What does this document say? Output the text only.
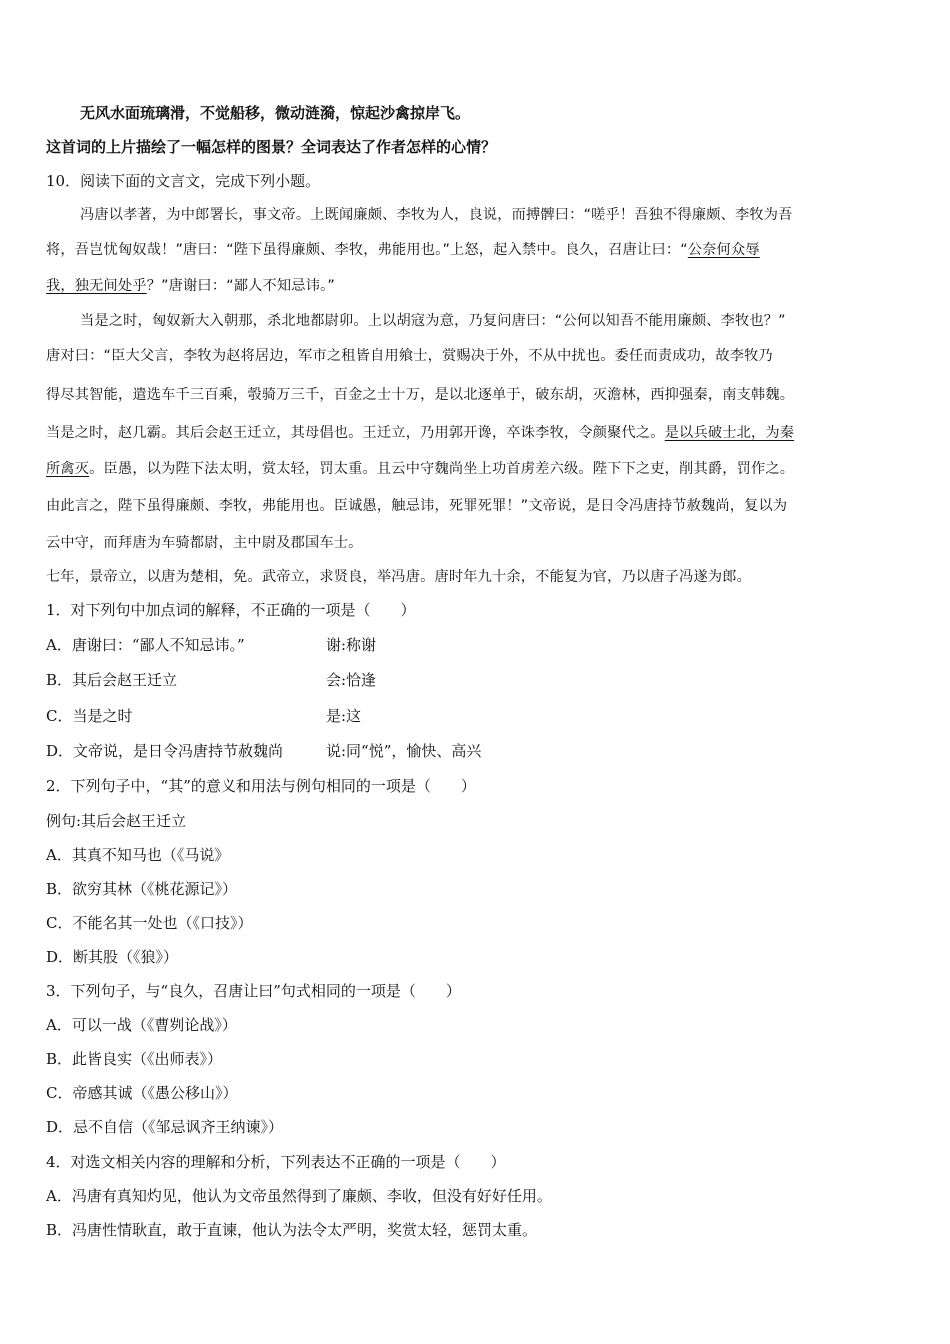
无风水面琉璃滑，不觉船移，微动涟漪，惊起沙禽掠岸飞。
这首词的上片描绘了一幅怎样的图景？全词表达了作者怎样的心情？
10．阅读下面的文言文，完成下列小题。
冯唐以孝著，为中郎署长，事文帝。上既闻廉颇、李牧为人，良说，而搏髀曰：“嗟乎！吾独不得廉颇、李牧为吾
将，吾岂忧匈奴哉！”唐曰：“陛下虽得廉颇、李牧，弗能用也。”上怒，起入禁中。良久，召唐让曰：“公奈何众辱
我，独无间处乎？”唐谢曰：“鄙人不知忌讳。”
当是之时，匈奴新大入朝那，杀北地都尉卯。上以胡寇为意，乃复问唐曰：“公何以知吾不能用廉颇、李牧也？”
唐对曰：“臣大父言，李牧为赵将居边，军市之租皆自用飨士，赏赐决于外，不从中扰也。委任而责成功，故李牧乃
得尽其智能，遣选车千三百乘，彀骑万三千，百金之士十万，是以北逐单于，破东胡，灭澹林，西抑强秦，南支韩魏。
当是之时，赵几霸。其后会赵王迁立，其母倡也。王迁立，乃用郭开谗，卒诛李牧，令颜聚代之。是以兵破士北，为秦
所禽灭。臣愚，以为陛下法太明，赏太轻，罚太重。且云中守魏尚坐上功首虏差六级。陛下下之吏，削其爵，罚作之。
由此言之，陛下虽得廉颇、李牧，弗能用也。臣诚愚，触忌讳，死罪死罪！”文帝说，是日令冯唐持节赦魏尚，复以为
云中守，而拜唐为车骑都尉，主中尉及郡国车士。
七年，景帝立，以唐为楚相，免。武帝立，求贤良，举冯唐。唐时年九十余，不能复为官，乃以唐子冯遂为郎。
1．对下列句中加点词的解释，不正确的一项是（　　）
A．唐谢曰：“鄙人不知忌讳。”	谢:称谢
B．其后会赵王迁立	会:恰逢
C．当是之时	是:这
D．文帝说，是日令冯唐持节赦魏尚	说:同“悦”，愉快、高兴
2．下列句子中，“其”的意义和用法与例句相同的一项是（　　）
例句:其后会赵王迁立
A．其真不知马也（《马说》
B．欲穷其林（《桃花源记》）
C．不能名其一处也（《口技》）
D．断其股（《狼》）
3．下列句子，与“良久，召唐让曰”句式相同的一项是（　　）
A．可以一战（《曹刿论战》）
B．此皆良实（《出师表》）
C．帝感其诚（《愚公移山》）
D．忌不自信（《邹忌讽齐王纳谏》）
4．对选文相关内容的理解和分析，下列表达不正确的一项是（　　）
A．冯唐有真知灼见，他认为文帝虽然得到了廉颇、李收，但没有好好任用。
B．冯唐性情耿直，敢于直谏，他认为法令太严明，奖赏太轻，惩罚太重。
